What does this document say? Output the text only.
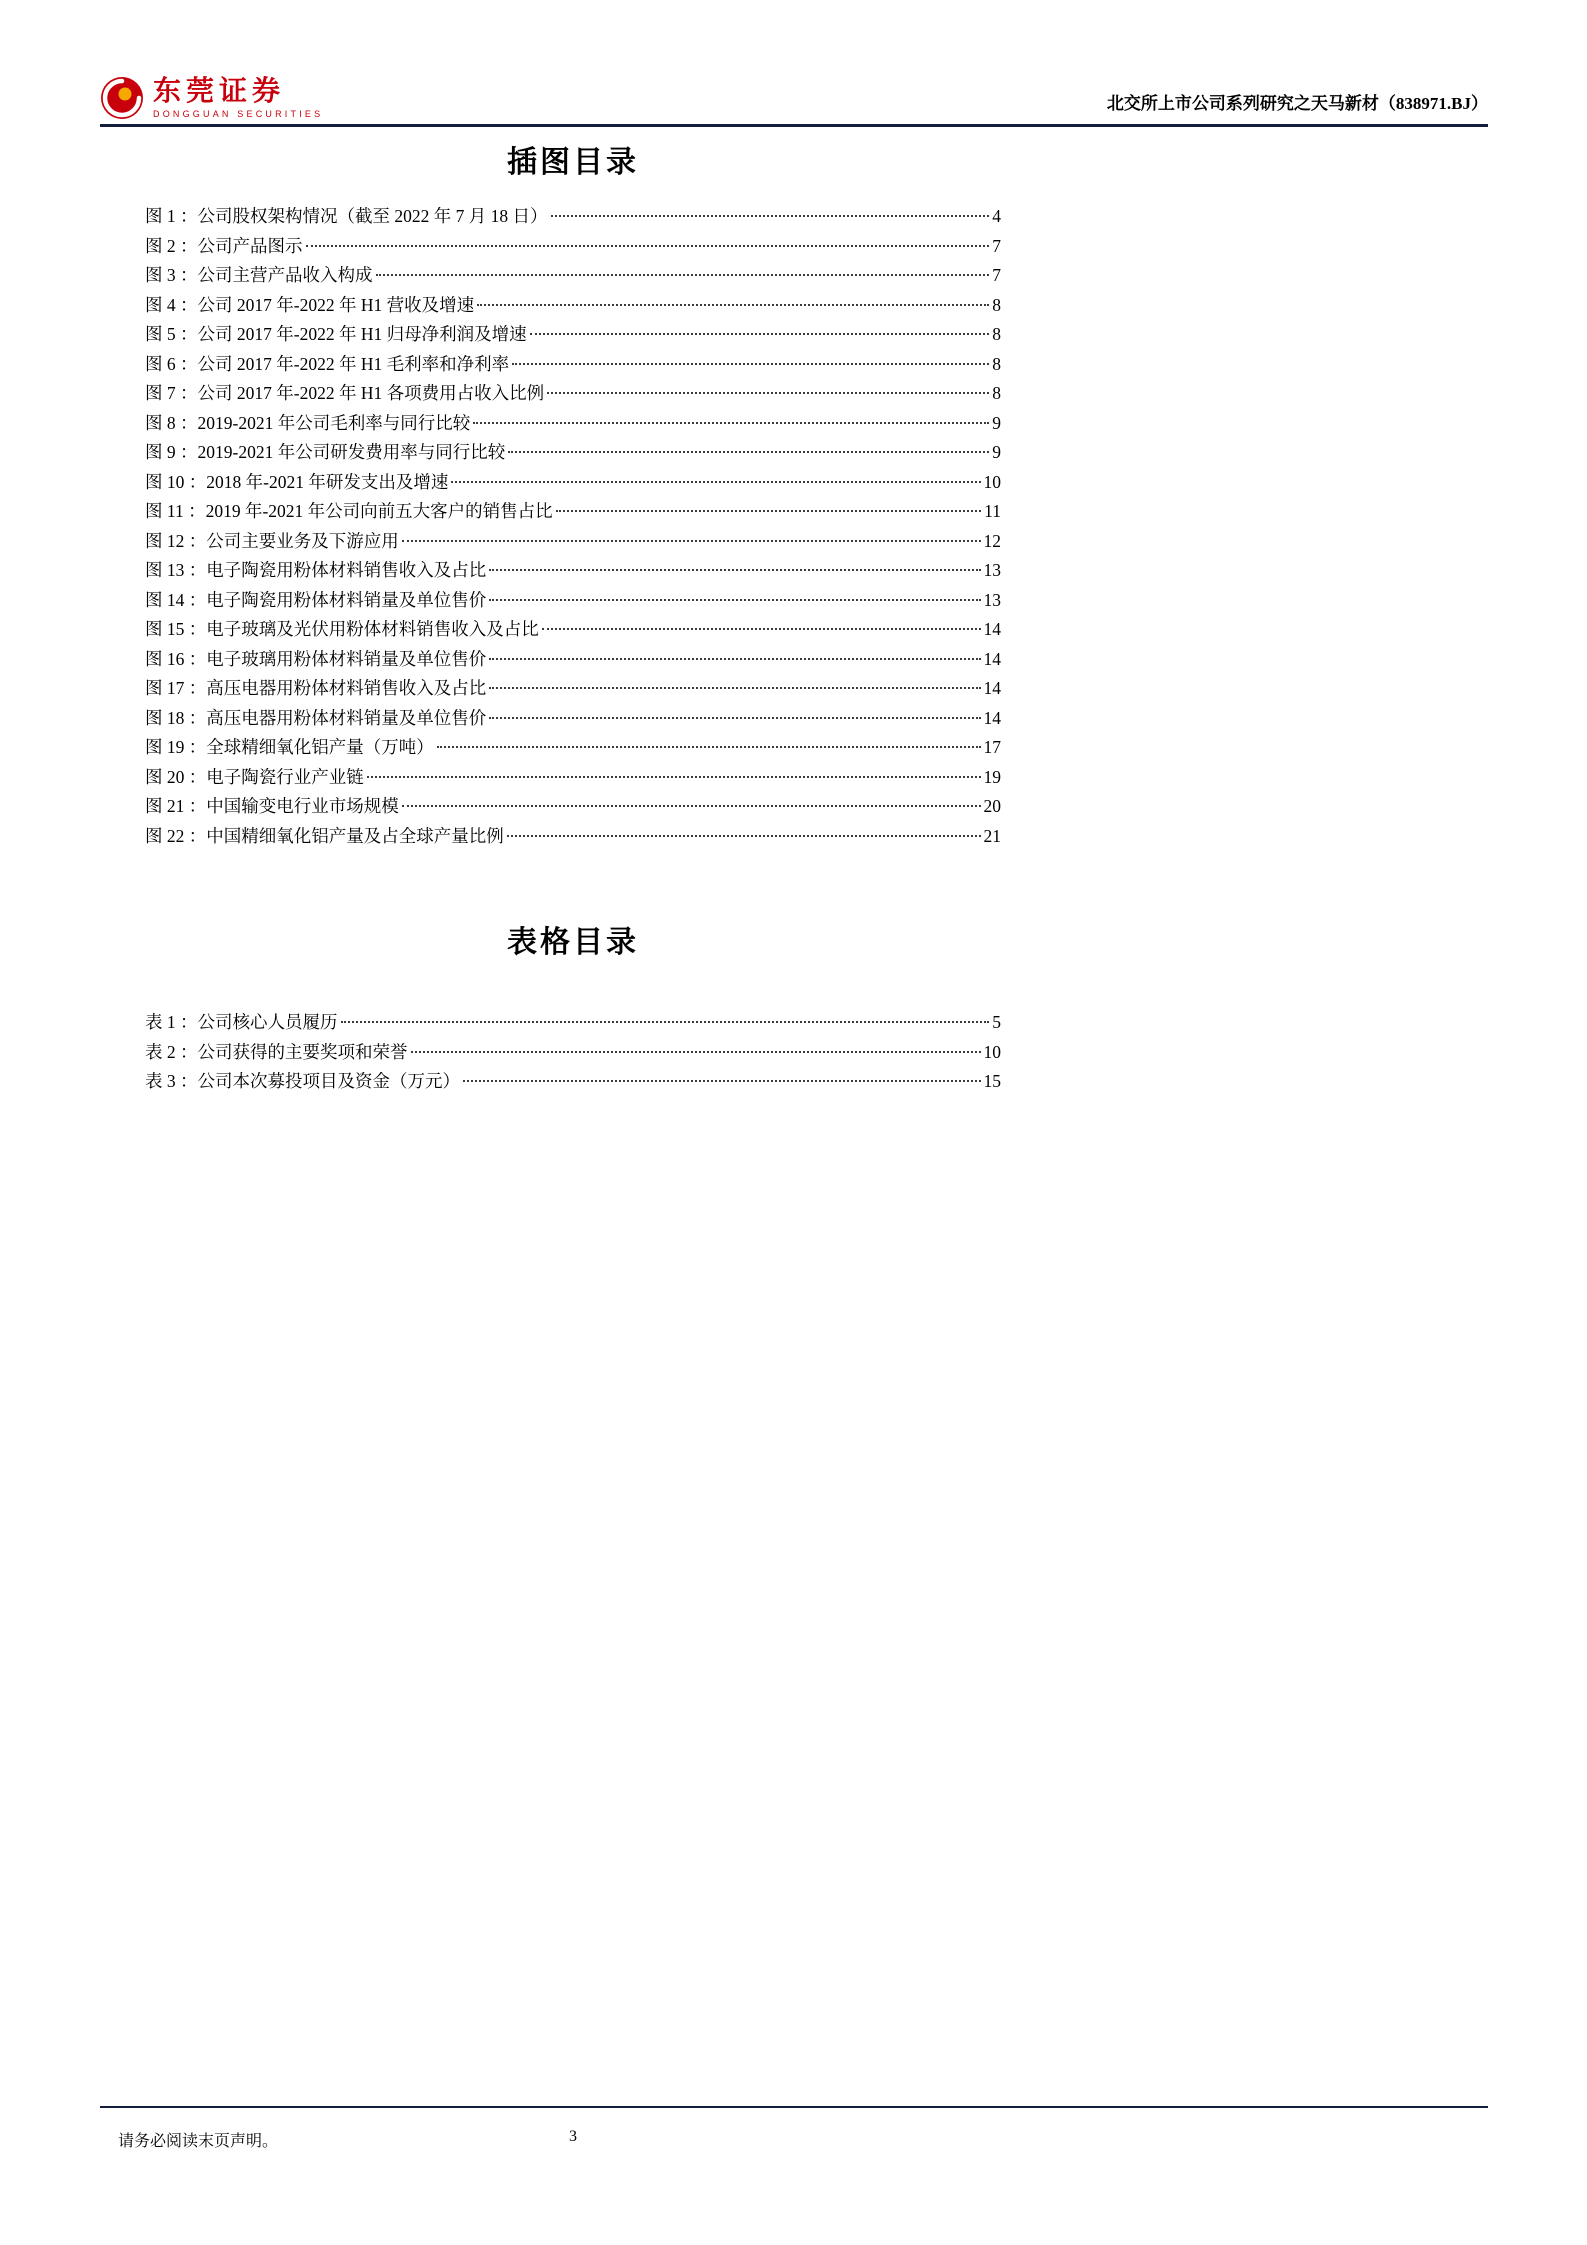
东莞证券
DONGGUAN SECURITIES
北交所上市公司系列研究之天马新材（838971.BJ）
插图目录
图 1 ：公司股权架构情况（截至 2022 年 7 月 18 日）	4
图 2 ：公司产品图示	7
图 3 ：公司主营产品收入构成	7
图 4 ：公司 2017 年-2022 年 H1 营收及增速	8
图 5 ：公司 2017 年-2022 年 H1 归母净利润及增速	8
图 6 ：公司 2017 年-2022 年 H1 毛利率和净利率	8
图 7 ：公司 2017 年-2022 年 H1 各项费用占收入比例	8
图 8 ：2019-2021 年公司毛利率与同行比较	9
图 9 ：2019-2021 年公司研发费用率与同行比较	9
图 10 ：2018 年-2021 年研发支出及增速	10
图 11 ：2019 年-2021 年公司向前五大客户的销售占比	11
图 12 ：公司主要业务及下游应用	12
图 13 ：电子陶瓷用粉体材料销售收入及占比	13
图 14 ：电子陶瓷用粉体材料销量及单位售价	13
图 15 ：电子玻璃及光伏用粉体材料销售收入及占比	14
图 16 ：电子玻璃用粉体材料销量及单位售价	14
图 17 ：高压电器用粉体材料销售收入及占比	14
图 18 ：高压电器用粉体材料销量及单位售价	14
图 19 ：全球精细氧化铝产量（万吨）	17
图 20 ：电子陶瓷行业产业链	19
图 21 ：中国输变电行业市场规模	20
图 22 ：中国精细氧化铝产量及占全球产量比例	21
表格目录
表 1 ：公司核心人员履历	5
表 2 ：公司获得的主要奖项和荣誉	10
表 3 ：公司本次募投项目及资金（万元）	15
请务必阅读末页声明。	3
